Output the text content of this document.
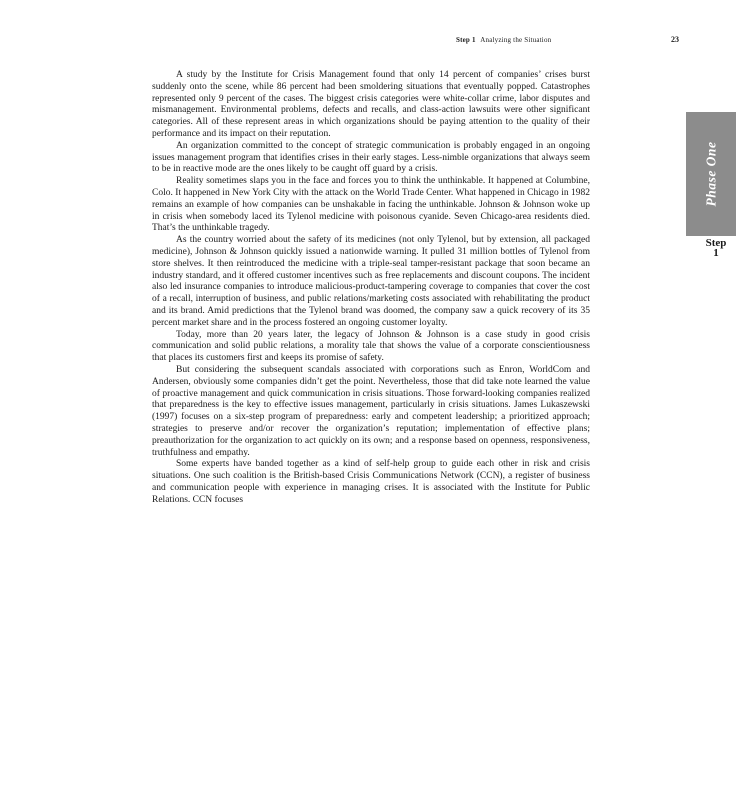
Step 1 Analyzing the Situation	23
Phase One
Step
1

A study by the Institute for Crisis Management found that only 14 percent of companies’ crises burst suddenly onto the scene, while 86 percent had been smoldering situations that eventually popped. Catastrophes represented only 9 percent of the cases. The biggest crisis categories were white-collar crime, labor disputes and mismanagement. Environmental problems, defects and recalls, and class-action lawsuits were other significant categories. All of these represent areas in which organizations should be paying attention to the quality of their performance and its impact on their reputation.

An organization committed to the concept of strategic communication is probably engaged in an ongoing issues management program that identifies crises in their early stages. Less-nimble organizations that always seem to be in reactive mode are the ones likely to be caught off guard by a crisis.

Reality sometimes slaps you in the face and forces you to think the unthinkable. It happened at Columbine, Colo. It happened in New York City with the attack on the World Trade Center. What happened in Chicago in 1982 remains an example of how companies can be unshakable in facing the unthinkable. Johnson & Johnson woke up in crisis when somebody laced its Tylenol medicine with poisonous cyanide. Seven Chicago-area residents died. That’s the unthinkable tragedy.

As the country worried about the safety of its medicines (not only Tylenol, but by extension, all packaged medicine), Johnson & Johnson quickly issued a nationwide warning. It pulled 31 million bottles of Tylenol from store shelves. It then reintroduced the medicine with a triple-seal tamper-resistant package that soon became an industry standard, and it offered customer incentives such as free replacements and discount coupons. The incident also led insurance companies to introduce malicious-product-tampering coverage to companies that cover the cost of a recall, interruption of business, and public relations/marketing costs associated with rehabilitating the product and its brand. Amid predictions that the Tylenol brand was doomed, the company saw a quick recovery of its 35 percent market share and in the process fostered an ongoing customer loyalty.

Today, more than 20 years later, the legacy of Johnson & Johnson is a case study in good crisis communication and solid public relations, a morality tale that shows the value of a corporate conscientiousness that places its customers first and keeps its promise of safety.

But considering the subsequent scandals associated with corporations such as Enron, WorldCom and Andersen, obviously some companies didn’t get the point. Nevertheless, those that did take note learned the value of proactive management and quick communication in crisis situations. Those forward-looking companies realized that preparedness is the key to effective issues management, particularly in crisis situations. James Lukaszewski (1997) focuses on a six-step program of preparedness: early and competent leadership; a prioritized approach; strategies to preserve and/or recover the organization’s reputation; implementation of effective plans; preauthorization for the organization to act quickly on its own; and a response based on openness, responsiveness, truthfulness and empathy.

Some experts have banded together as a kind of self-help group to guide each other in risk and crisis situations. One such coalition is the British-based Crisis Communications Network (CCN), a register of business and communication people with experience in managing crises. It is associated with the Institute for Public Relations. CCN focuses
